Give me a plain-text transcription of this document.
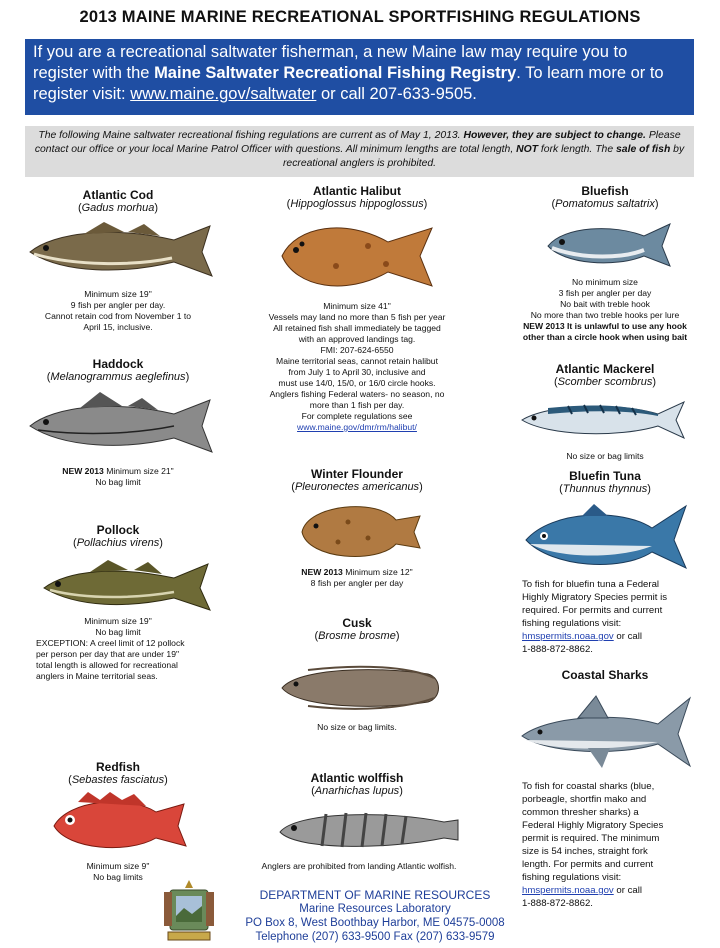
2013 MAINE MARINE RECREATIONAL SPORTFISHING REGULATIONS
If you are a recreational saltwater fisherman, a new Maine law may require you to register with the Maine Saltwater Recreational Fishing Registry. To learn more or to register visit: www.maine.gov/saltwater or call 207-633-9505.
The following Maine saltwater recreational fishing regulations are current as of May 1, 2013. However, they are subject to change. Please contact our office or your local Marine Patrol Officer with questions. All minimum lengths are total length, NOT fork length. The sale of fish by recreational anglers is prohibited.
Atlantic Cod
(Gadus morhua)
Minimum size 19"
9 fish per angler per day.
Cannot retain cod from November 1 to
April 15, inclusive.
Haddock
(Melanogrammus aeglefinus)
NEW 2013 Minimum size 21"
No bag limit
Pollock
(Pollachius virens)
Minimum size 19"
No bag limit
EXCEPTION: A creel limit of 12 pollock
per person per day that are under 19"
total length is allowed for recreational
anglers in Maine territorial seas.
Redfish
(Sebastes fasciatus)
Minimum size 9"
No bag limits
Atlantic Halibut
(Hippoglossus hippoglossus)
Minimum size 41"
Vessels may land no more than 5 fish per year
All retained fish shall immediately be tagged
with an approved landings tag.
FMI: 207-624-6550
Maine territorial seas, cannot retain halibut
from July 1 to April 30, inclusive and
must use 14/0, 15/0, or 16/0 circle hooks.
Anglers fishing Federal waters- no season, no
more than 1 fish per day.
For complete regulations see
www.maine.gov/dmr/rm/halibut/
Winter Flounder
(Pleuronectes americanus)
NEW 2013 Minimum size 12"
8 fish per angler per day
Cusk
(Brosme brosme)
No size or bag limits.
Atlantic wolffish
(Anarhichas lupus)
Anglers are prohibited from landing Atlantic wolfish.
Bluefish
(Pomatomus saltatrix)
No minimum size
3 fish per angler per day
No bait with treble hook
No more than two treble hooks per lure
NEW 2013 It is unlawful to use any hook
other than a circle hook when using bait
Atlantic Mackerel
(Scomber scombrus)
No size or bag limits
Bluefin Tuna
(Thunnus thynnus)
To fish for bluefin tuna a Federal
Highly Migratory Species permit is
required. For permits and current
fishing regulations visit:
hmspermits.noaa.gov or call
1-888-872-8862.
Coastal Sharks
To fish for coastal sharks (blue,
porbeagle, shortfin mako and
common thresher sharks) a
Federal Highly Migratory Species
permit is required. The minimum
size is 54 inches, straight fork
length. For permits and current
fishing regulations visit:
hmspermits.noaa.gov or call
1-888-872-8862.
DEPARTMENT OF MARINE RESOURCES
Marine Resources Laboratory
PO Box 8, West Boothbay Harbor, ME 04575-0008
Telephone (207) 633-9500 Fax (207) 633-9579
